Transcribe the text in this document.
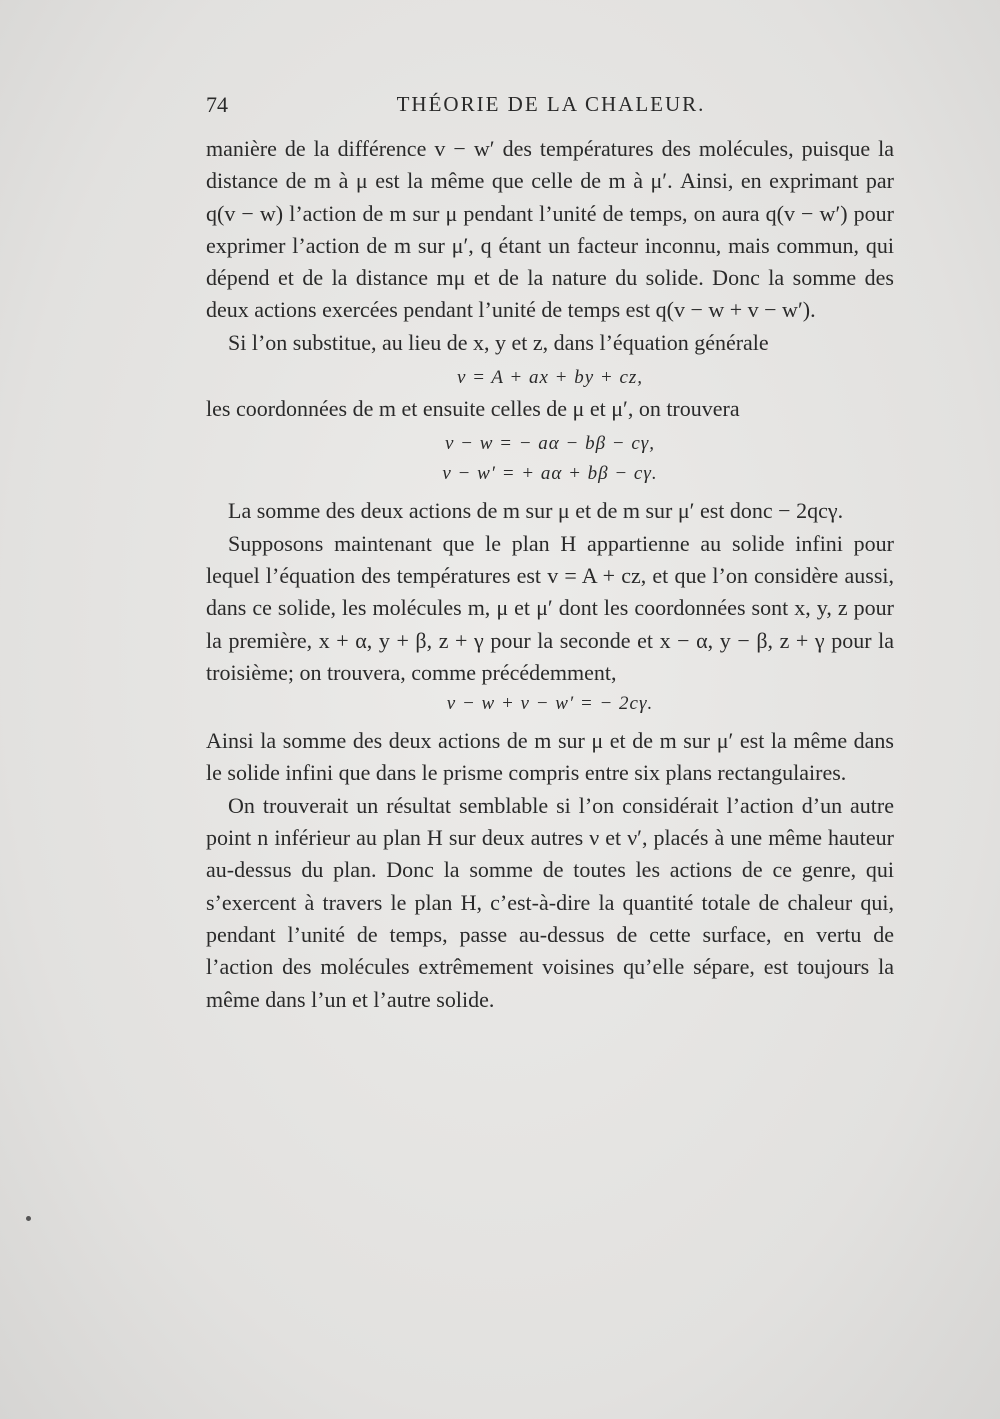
74	THÉORIE DE LA CHALEUR.

manière de la différence v − w′ des températures des molécules, puisque la distance de m à μ est la même que celle de m à μ′. Ainsi, en exprimant par q(v − w) l’action de m sur μ pendant l’unité de temps, on aura q(v − w′) pour exprimer l’action de m sur μ′, q étant un facteur inconnu, mais commun, qui dépend et de la distance mμ et de la nature du solide. Donc la somme des deux actions exercées pendant l’unité de temps est q(v − w + v − w′).

Si l’on substitue, au lieu de x, y et z, dans l’équation générale

v = A + ax + by + cz,

les coordonnées de m et ensuite celles de μ et μ′, on trouvera

v − w = − aα − bβ − cγ,
v − w′ = + aα + bβ − cγ.

La somme des deux actions de m sur μ et de m sur μ′ est donc − 2qcγ.

Supposons maintenant que le plan H appartienne au solide infini pour lequel l’équation des températures est v = A + cz, et que l’on considère aussi, dans ce solide, les molécules m, μ et μ′ dont les coordonnées sont x, y, z pour la première, x + α, y + β, z + γ pour la seconde et x − α, y − β, z + γ pour la troisième; on trouvera, comme précédemment,

v − w + v − w′ = − 2cγ.

Ainsi la somme des deux actions de m sur μ et de m sur μ′ est la même dans le solide infini que dans le prisme compris entre six plans rectangulaires.

On trouverait un résultat semblable si l’on considérait l’action d’un autre point n inférieur au plan H sur deux autres ν et ν′, placés à une même hauteur au-dessus du plan. Donc la somme de toutes les actions de ce genre, qui s’exercent à travers le plan H, c’est-à-dire la quantité totale de chaleur qui, pendant l’unité de temps, passe au-dessus de cette surface, en vertu de l’action des molécules extrêmement voisines qu’elle sépare, est toujours la même dans l’un et l’autre solide.
